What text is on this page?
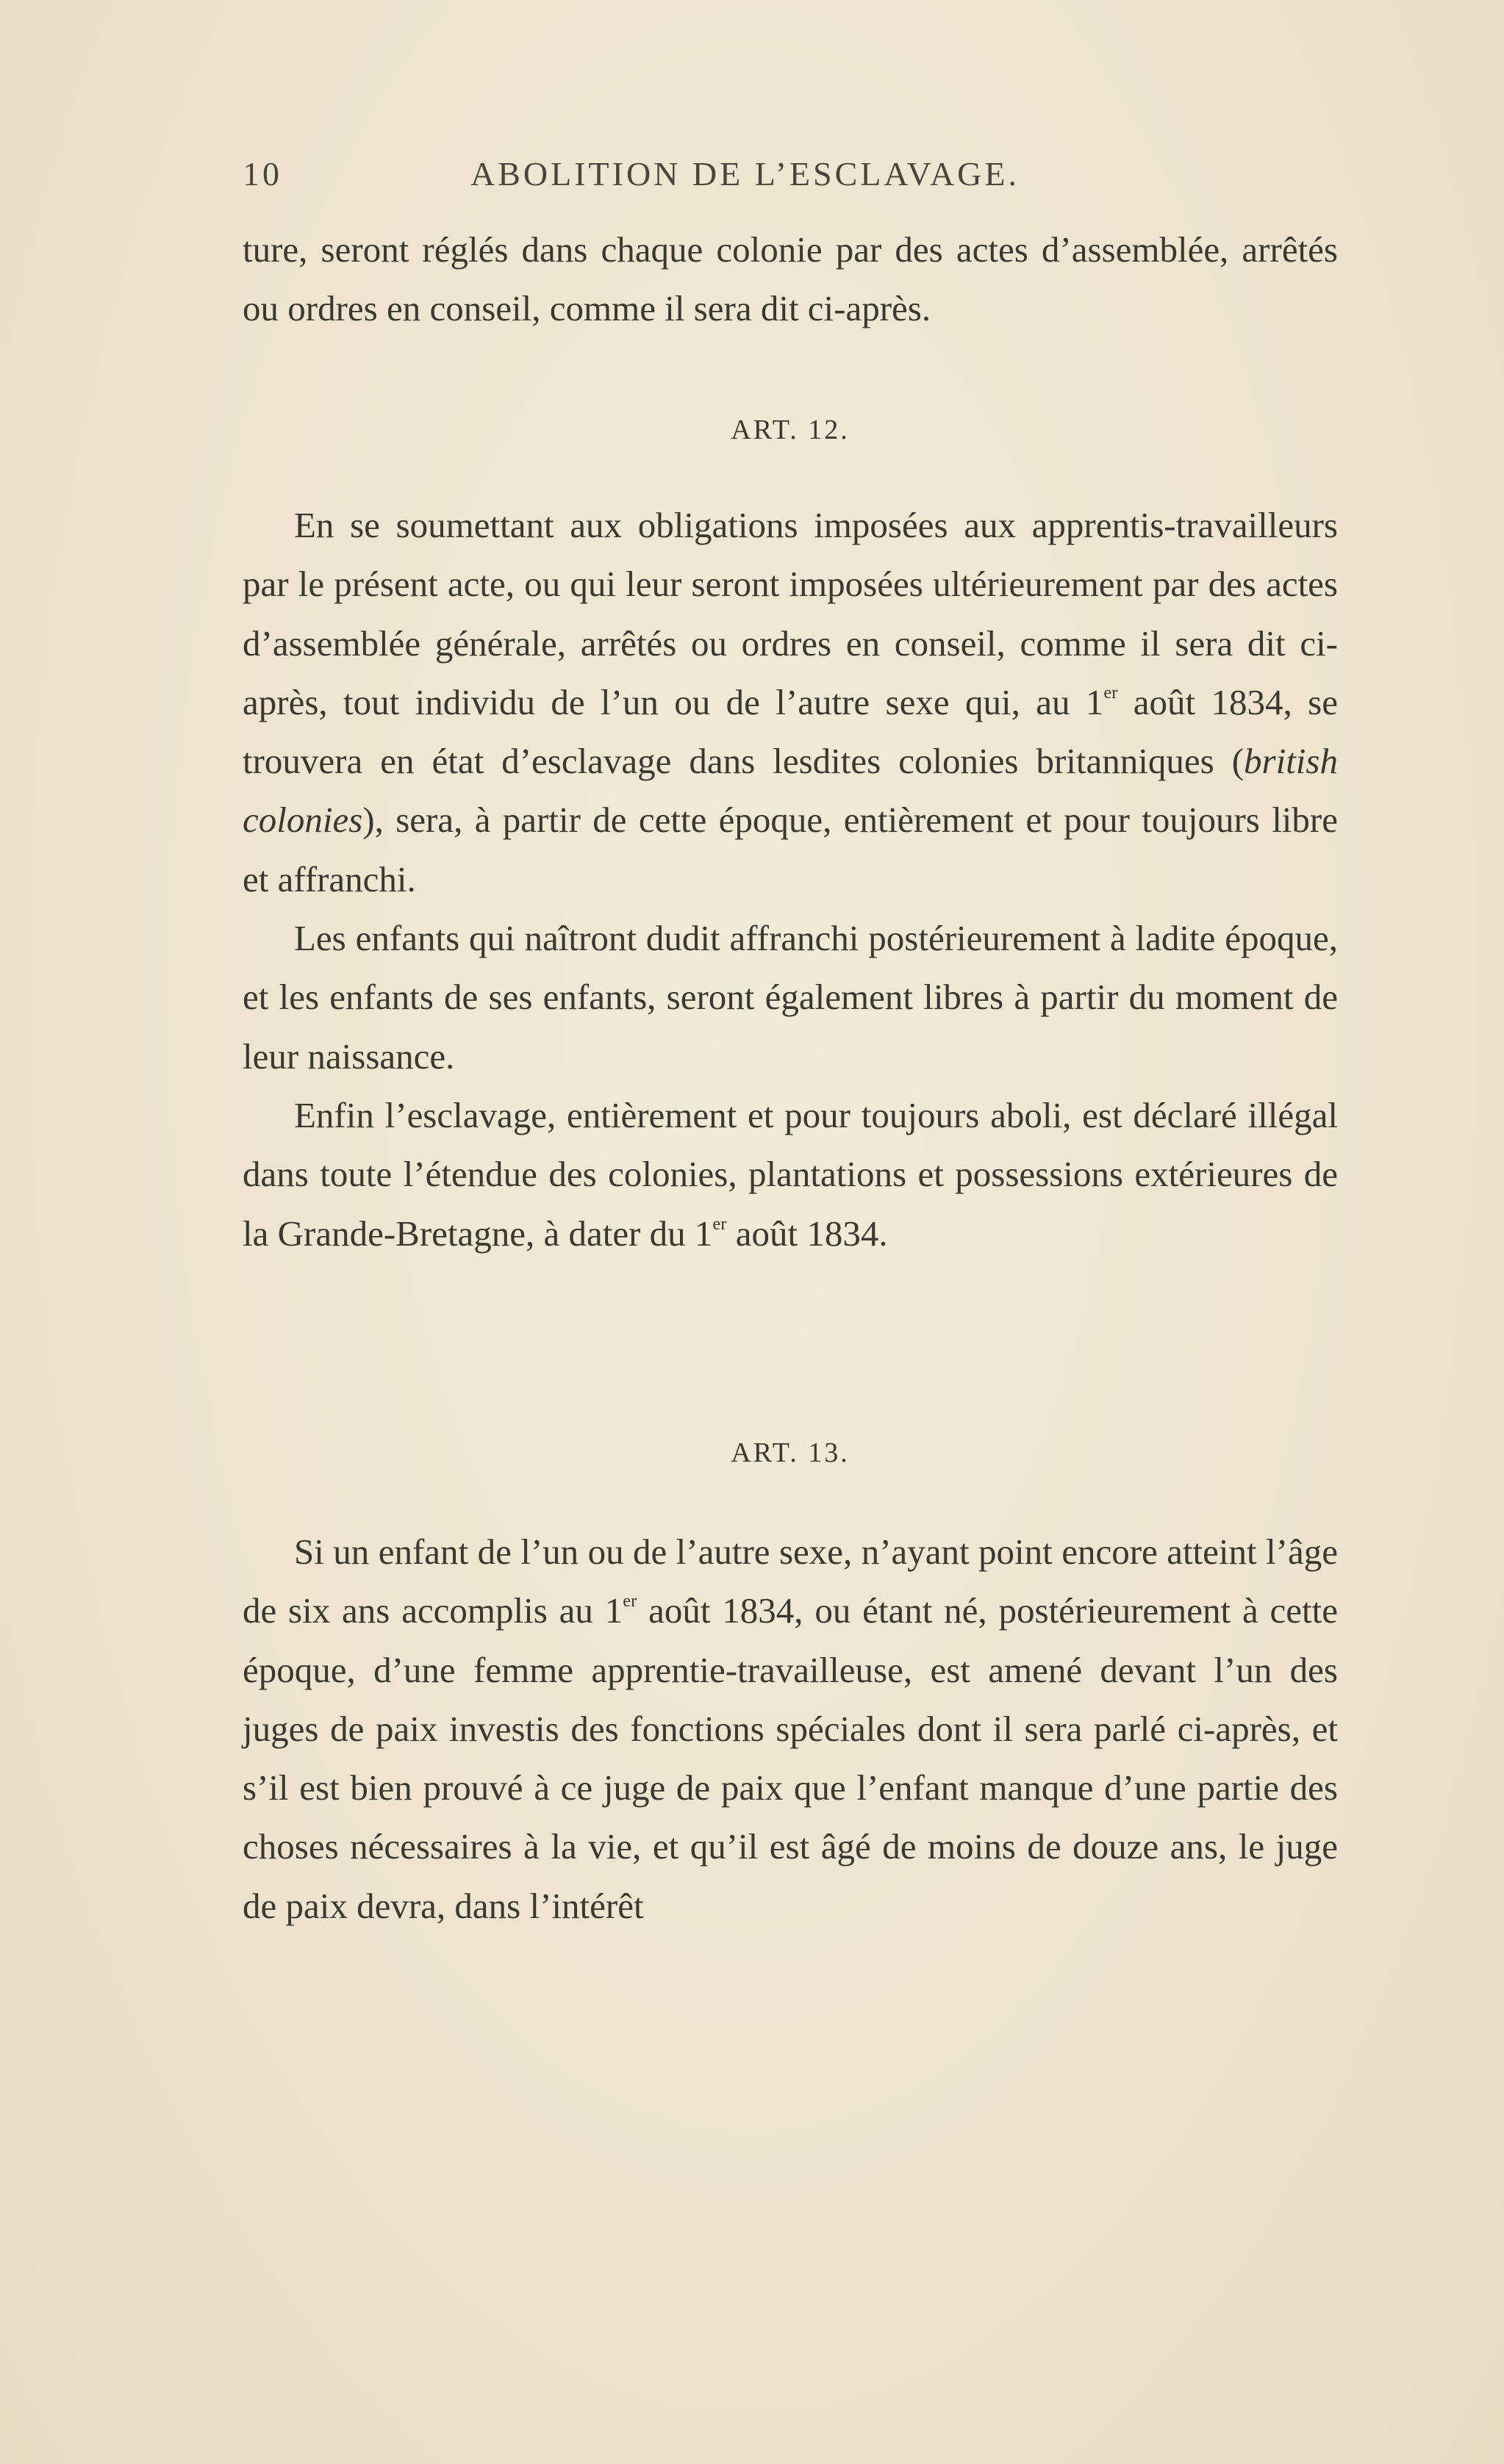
10	ABOLITION DE L’ESCLAVAGE.

ture, seront réglés dans chaque colonie par des actes d’assemblée, arrêtés ou ordres en conseil, comme il sera dit ci-après.

ART. 12.

En se soumettant aux obligations imposées aux apprentis-travailleurs par le présent acte, ou qui leur seront imposées ultérieurement par des actes d’assemblée générale, arrêtés ou ordres en conseil, comme il sera dit ci-après, tout individu de l’un ou de l’autre sexe qui, au 1er août 1834, se trouvera en état d’esclavage dans lesdites colonies britanniques (british colonies), sera, à partir de cette époque, entièrement et pour toujours libre et affranchi.

Les enfants qui naîtront dudit affranchi postérieurement à ladite époque, et les enfants de ses enfants, seront également libres à partir du moment de leur naissance.

Enfin l’esclavage, entièrement et pour toujours aboli, est déclaré illégal dans toute l’étendue des colonies, plantations et possessions extérieures de la Grande-Bretagne, à dater du 1er août 1834.

ART. 13.

Si un enfant de l’un ou de l’autre sexe, n’ayant point encore atteint l’âge de six ans accomplis au 1er août 1834, ou étant né, postérieurement à cette époque, d’une femme apprentie-travailleuse, est amené devant l’un des juges de paix investis des fonctions spéciales dont il sera parlé ci-après, et s’il est bien prouvé à ce juge de paix que l’enfant manque d’une partie des choses nécessaires à la vie, et qu’il est âgé de moins de douze ans, le juge de paix devra, dans l’intérêt
